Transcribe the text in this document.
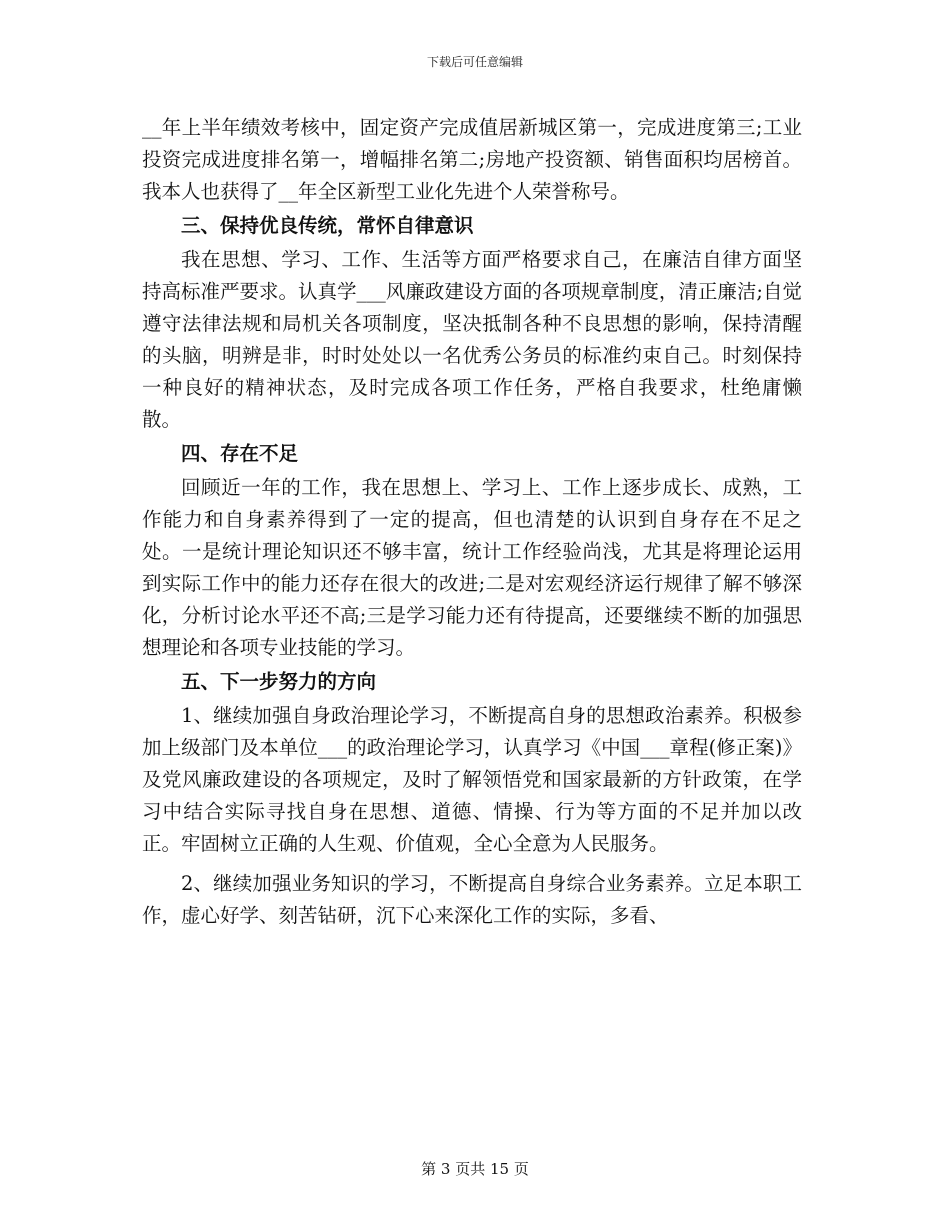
下载后可任意编辑

__年上半年绩效考核中，固定资产完成值居新城区第一，完成进度第三;工业投资完成进度排名第一，增幅排名第二;房地产投资额、销售面积均居榜首。我本人也获得了__年全区新型工业化先进个人荣誉称号。

三、保持优良传统，常怀自律意识

我在思想、学习、工作、生活等方面严格要求自己，在廉洁自律方面坚持高标准严要求。认真学___风廉政建设方面的各项规章制度，清正廉洁;自觉遵守法律法规和局机关各项制度，坚决抵制各种不良思想的影响，保持清醒的头脑，明辨是非，时时处处以一名优秀公务员的标准约束自己。时刻保持一种良好的精神状态，及时完成各项工作任务，严格自我要求，杜绝庸懒散。

四、存在不足

回顾近一年的工作，我在思想上、学习上、工作上逐步成长、成熟，工作能力和自身素养得到了一定的提高，但也清楚的认识到自身存在不足之处。一是统计理论知识还不够丰富，统计工作经验尚浅，尤其是将理论运用到实际工作中的能力还存在很大的改进;二是对宏观经济运行规律了解不够深化，分析讨论水平还不高;三是学习能力还有待提高，还要继续不断的加强思想理论和各项专业技能的学习。

五、下一步努力的方向

1、继续加强自身政治理论学习，不断提高自身的思想政治素养。积极参加上级部门及本单位___的政治理论学习，认真学习《中国___章程(修正案)》及党风廉政建设的各项规定，及时了解领悟党和国家最新的方针政策，在学习中结合实际寻找自身在思想、道德、情操、行为等方面的不足并加以改正。牢固树立正确的人生观、价值观，全心全意为人民服务。

2、继续加强业务知识的学习，不断提高自身综合业务素养。立足本职工作，虚心好学、刻苦钻研，沉下心来深化工作的实际，多看、

第 3 页共 15 页
